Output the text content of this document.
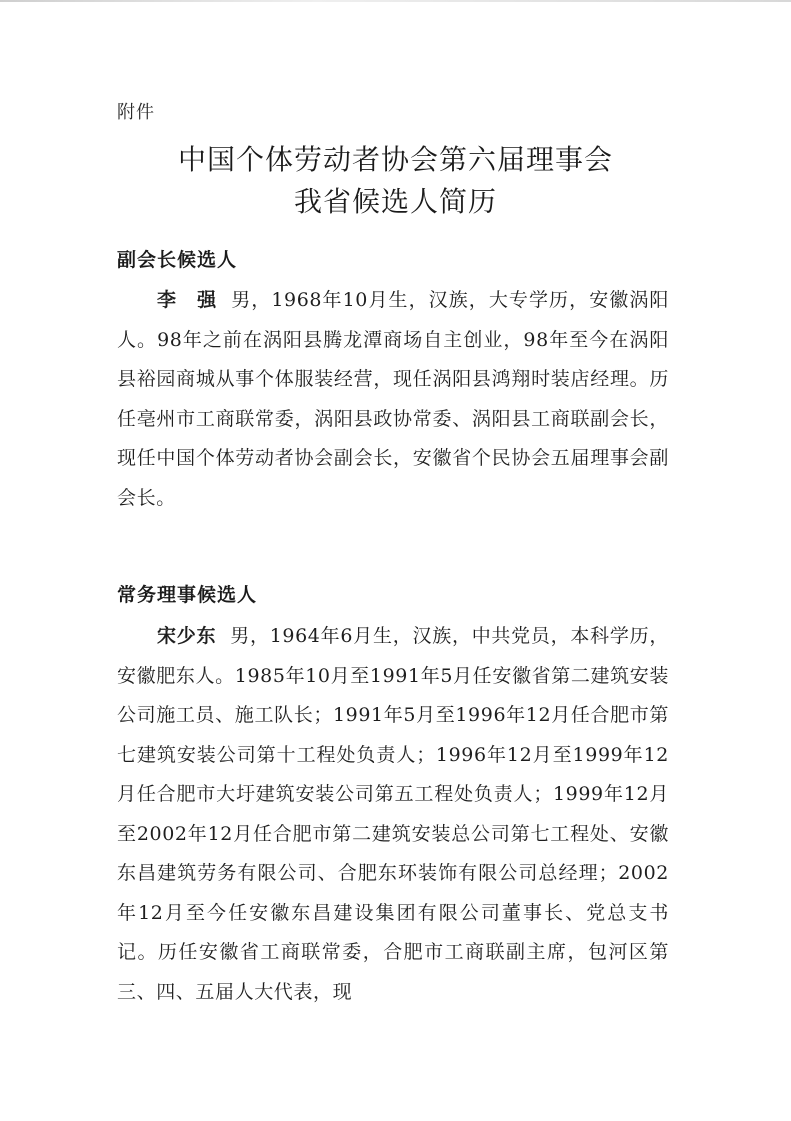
附件
中国个体劳动者协会第六届理事会
我省候选人简历
副会长候选人

李　强 男，1968年10月生，汉族，大专学历，安徽涡阳人。98年之前在涡阳县腾龙潭商场自主创业，98年至今在涡阳县裕园商城从事个体服装经营，现任涡阳县鸿翔时装店经理。历任亳州市工商联常委，涡阳县政协常委、涡阳县工商联副会长，现任中国个体劳动者协会副会长，安徽省个民协会五届理事会副会长。

常务理事候选人

宋少东 男，1964年6月生，汉族，中共党员，本科学历，安徽肥东人。1985年10月至1991年5月任安徽省第二建筑安装公司施工员、施工队长；1991年5月至1996年12月任合肥市第七建筑安装公司第十工程处负责人；1996年12月至1999年12月任合肥市大圩建筑安装公司第五工程处负责人；1999年12月至2002年12月任合肥市第二建筑安装总公司第七工程处、安徽东昌建筑劳务有限公司、合肥东环装饰有限公司总经理；2002年12月至今任安徽东昌建设集团有限公司董事长、党总支书记。历任安徽省工商联常委，合肥市工商联副主席，包河区第三、四、五届人大代表，现
